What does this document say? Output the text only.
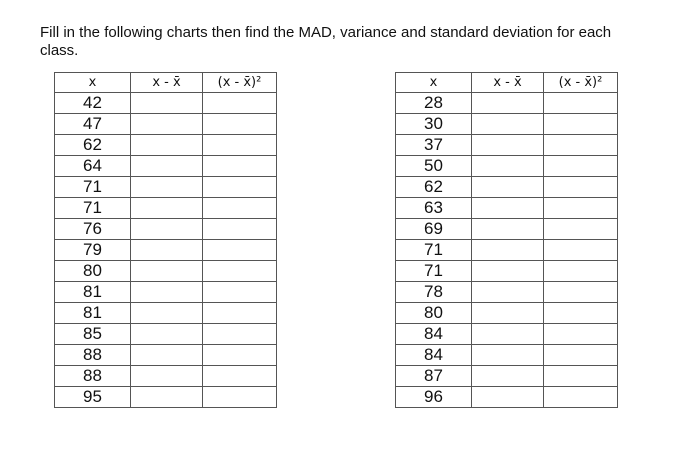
Fill in the following charts then find the MAD, variance and standard deviation for each class.

x	x - x̄	(x - x̄)²
42		
47		
62		
64		
71		
71		
76		
79		
80		
81		
81		
85		
88		
88		
95		
x	x - x̄	(x - x̄)²
28		
30		
37		
50		
62		
63		
69		
71		
71		
78		
80		
84		
84		
87		
96		
